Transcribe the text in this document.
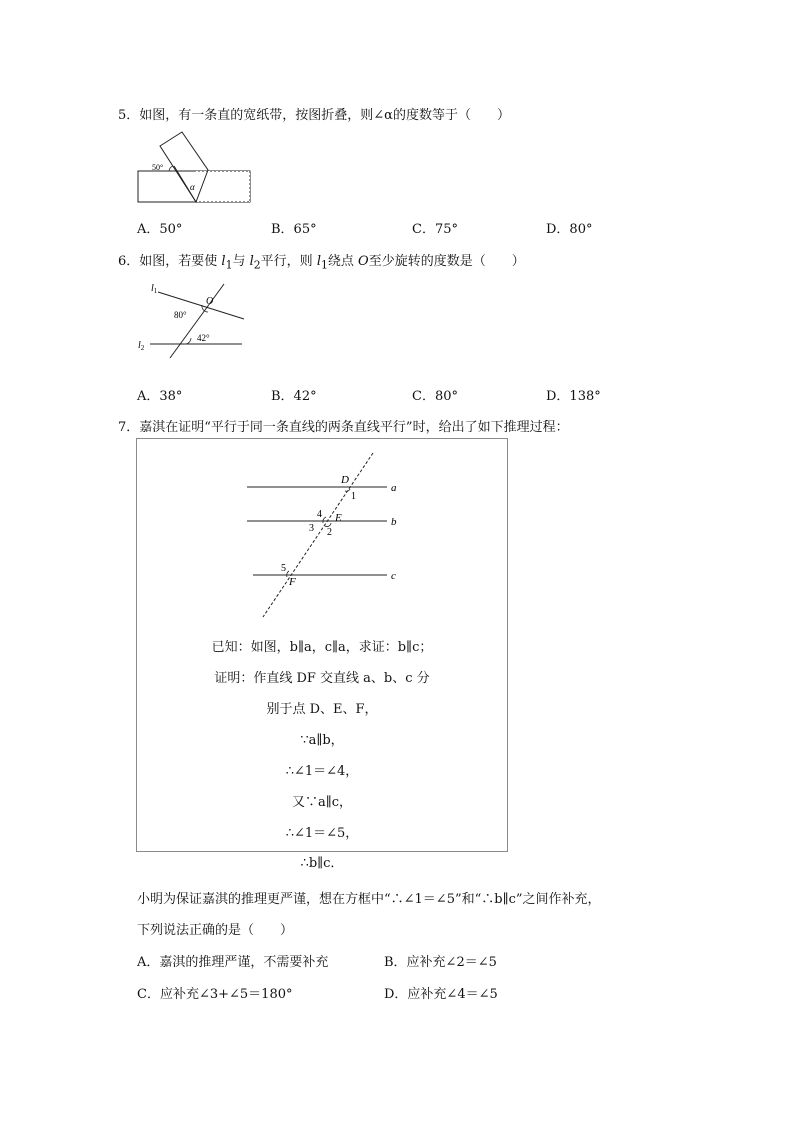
5．如图，有一条直的宽纸带，按图折叠，则∠α的度数等于（　　）
50°
α
A．50°	B．65°	C．75°	D．80°
6．如图，若要使 $l_1$与 $l_2$平行，则 $l_1$绕点 O至少旋转的度数是（　　）
$l_1$
$l_2$
O
80°
42°
A．38°	B．42°	C．80°	D．138°
7．嘉淇在证明“平行于同一条直线的两条直线平行”时，给出了如下推理过程：
D
1
a
4 E	b
3 2
5
F	c
已知：如图，b∥a，c∥a，求证：b∥c；
证明：作直线 DF 交直线 a、b、c 分
别于点 D、E、F，
∵a∥b，
∴∠1＝∠4，
又∵a∥c，
∴∠1＝∠5，
∴b∥c．
小明为保证嘉淇的推理更严谨，想在方框中“∴∠1＝∠5”和“∴b∥c”之间作补充，
下列说法正确的是（　　）
A．嘉淇的推理严谨，不需要补充	B．应补充∠2＝∠5
C．应补充∠3+∠5＝180°	D．应补充∠4＝∠5
